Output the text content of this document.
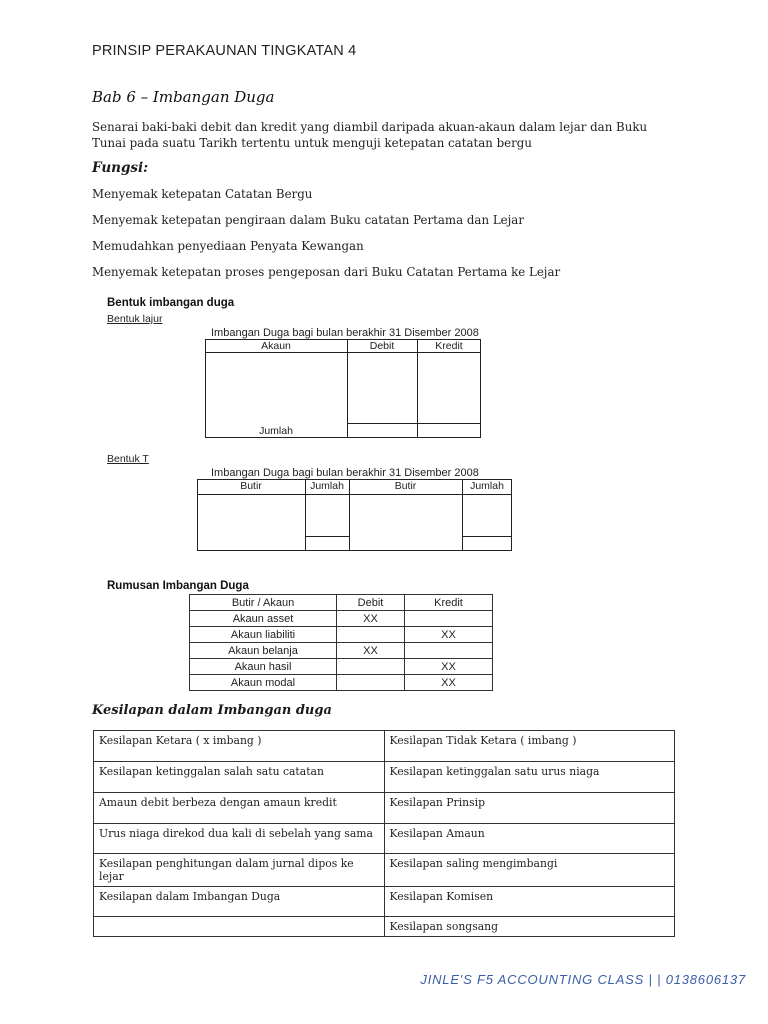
PRINSIP PERAKAUNAN TINGKATAN 4
Bab 6 – Imbangan Duga
Senarai baki-baki debit dan kredit yang diambil daripada akuan-akaun dalam lejar dan Buku Tunai pada suatu Tarikh tertentu untuk menguji ketepatan catatan bergu
Fungsi:
Menyemak ketepatan Catatan Bergu
Menyemak ketepatan pengiraan dalam Buku catatan Pertama dan Lejar
Memudahkan penyediaan Penyata Kewangan
Menyemak ketepatan proses pengeposan dari Buku Catatan Pertama ke Lejar
Bentuk imbangan duga
Bentuk lajur
Imbangan Duga bagi bulan berakhir 31 Disember 2008
Akaun	Debit	Kredit
Jumlah
Bentuk T
Imbangan Duga bagi bulan berakhir 31 Disember 2008
Butir	Jumlah	Butir	Jumlah
Rumusan Imbangan Duga
Butir / Akaun	Debit	Kredit
Akaun asset	XX	
Akaun liabiliti		XX
Akaun belanja	XX	
Akaun hasil		XX
Akaun modal		XX
Kesilapan dalam Imbangan duga
Kesilapan Ketara ( x imbang )	Kesilapan Tidak Ketara ( imbang )
Kesilapan ketinggalan salah satu catatan	Kesilapan ketinggalan satu urus niaga
Amaun debit berbeza dengan amaun kredit	Kesilapan Prinsip
Urus niaga direkod dua kali di sebelah yang sama	Kesilapan Amaun
Kesilapan penghitungan dalam jurnal dipos ke lejar	Kesilapan saling mengimbangi
Kesilapan dalam Imbangan Duga	Kesilapan Komisen
	Kesilapan songsang
JINLE'S F5 ACCOUNTING CLASS | | 0138606137
